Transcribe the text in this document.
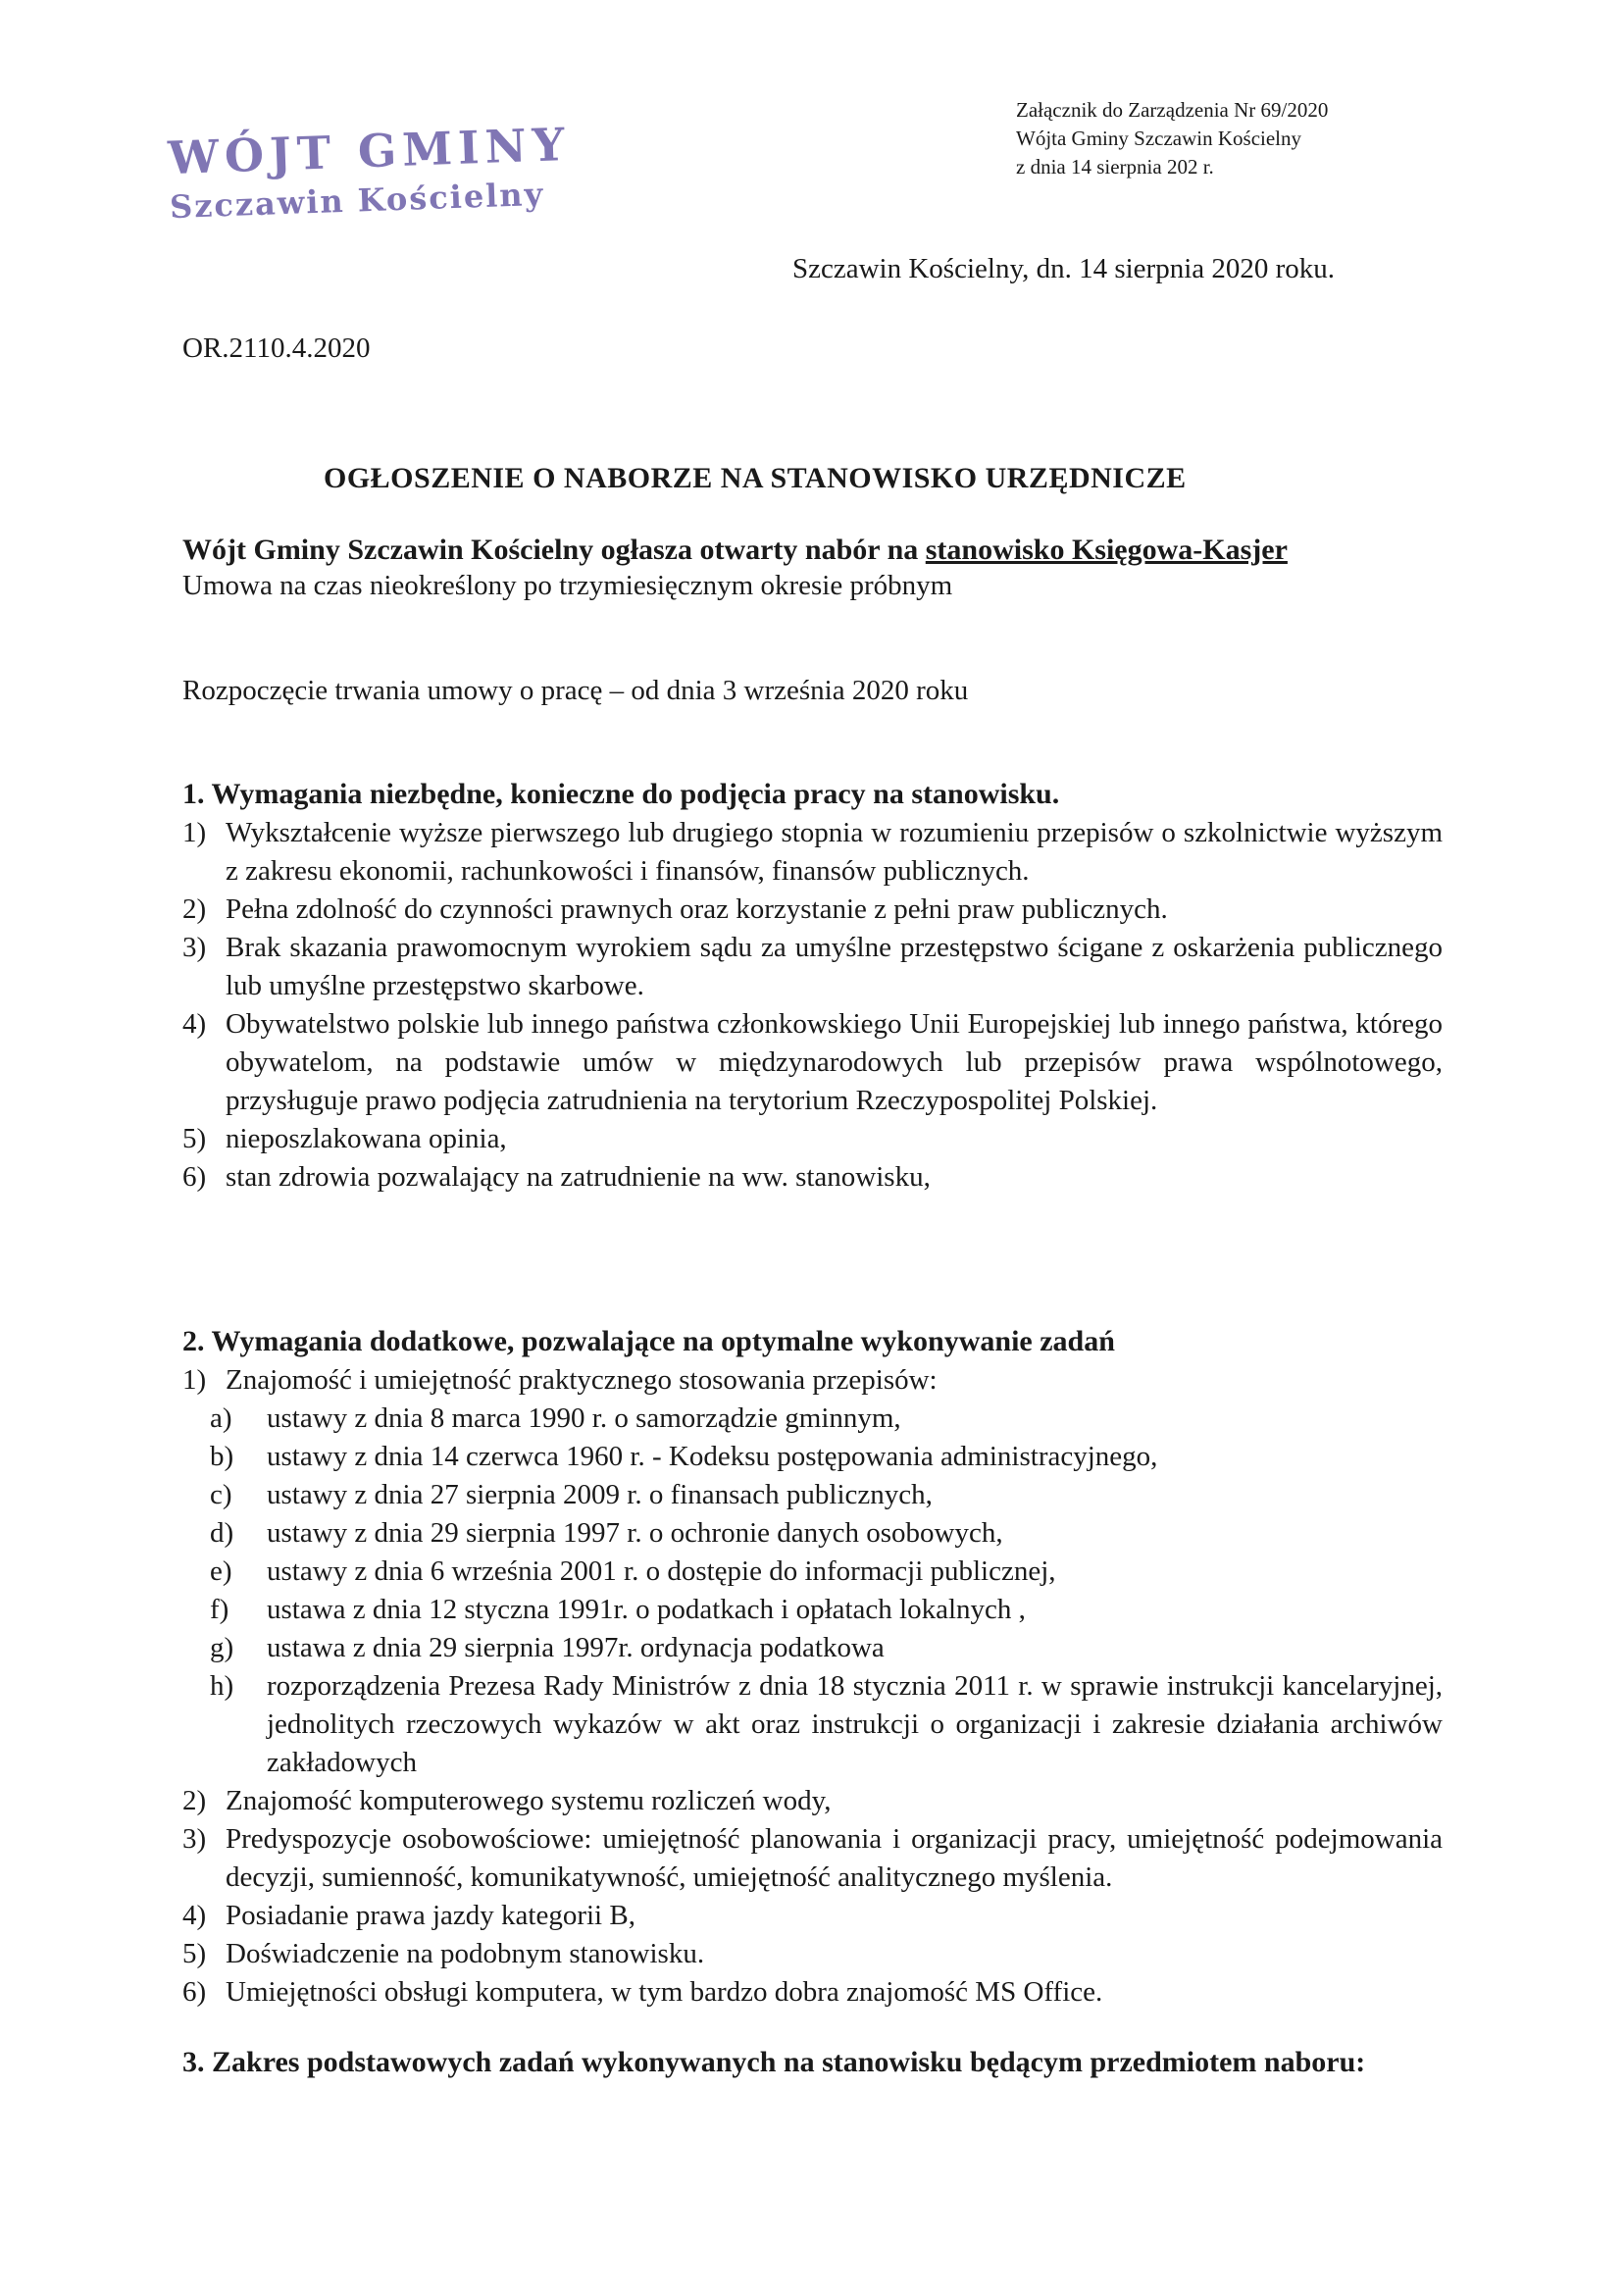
WÓJT GMINY
Szczawin Kościelny
Załącznik do Zarządzenia Nr 69/2020
Wójta Gminy Szczawin Kościelny
z dnia 14 sierpnia 202 r.
Szczawin Kościelny, dn. 14 sierpnia 2020 roku.
OR.2110.4.2020
OGŁOSZENIE O NABORZE NA STANOWISKO URZĘDNICZE
Wójt Gminy Szczawin Kościelny ogłasza otwarty nabór na stanowisko Księgowa-Kasjer
Umowa na czas nieokreślony po trzymiesięcznym okresie próbnym
Rozpoczęcie trwania umowy o pracę – od dnia 3 września 2020 roku
1. Wymagania niezbędne, konieczne do podjęcia pracy na stanowisku.
1) Wykształcenie wyższe pierwszego lub drugiego stopnia w rozumieniu przepisów o szkolnictwie wyższym z zakresu ekonomii, rachunkowości i finansów, finansów publicznych.
2) Pełna zdolność do czynności prawnych oraz korzystanie z pełni praw publicznych.
3) Brak skazania prawomocnym wyrokiem sądu za umyślne przestępstwo ścigane z oskarżenia publicznego lub umyślne przestępstwo skarbowe.
4) Obywatelstwo polskie lub innego państwa członkowskiego Unii Europejskiej lub innego państwa, którego obywatelom, na podstawie umów w międzynarodowych lub przepisów prawa wspólnotowego, przysługuje prawo podjęcia zatrudnienia na terytorium Rzeczypospolitej Polskiej.
5) nieposzlakowana opinia,
6) stan zdrowia pozwalający na zatrudnienie na ww. stanowisku,
2. Wymagania dodatkowe, pozwalające na optymalne wykonywanie zadań
1) Znajomość i umiejętność praktycznego stosowania przepisów:
a) ustawy z dnia 8 marca 1990 r. o samorządzie gminnym,
b) ustawy z dnia 14 czerwca 1960 r. - Kodeksu postępowania administracyjnego,
c) ustawy z dnia 27 sierpnia 2009 r. o finansach publicznych,
d) ustawy z dnia 29 sierpnia 1997 r. o ochronie danych osobowych,
e) ustawy z dnia 6 września 2001 r. o dostępie do informacji publicznej,
f) ustawa z dnia 12 styczna 1991r. o podatkach i opłatach lokalnych ,
g) ustawa z dnia 29 sierpnia 1997r. ordynacja podatkowa
h) rozporządzenia Prezesa Rady Ministrów z dnia 18 stycznia 2011 r. w sprawie instrukcji kancelaryjnej, jednolitych rzeczowych wykazów w akt oraz instrukcji o organizacji i zakresie działania archiwów zakładowych
2) Znajomość komputerowego systemu rozliczeń wody,
3) Predyspozycje osobowościowe: umiejętność planowania i organizacji pracy, umiejętność podejmowania decyzji, sumienność, komunikatywność, umiejętność analitycznego myślenia.
4) Posiadanie prawa jazdy kategorii B,
5) Doświadczenie na podobnym stanowisku.
6) Umiejętności obsługi komputera, w tym bardzo dobra znajomość MS Office.
3. Zakres podstawowych zadań wykonywanych na stanowisku będącym przedmiotem naboru:
